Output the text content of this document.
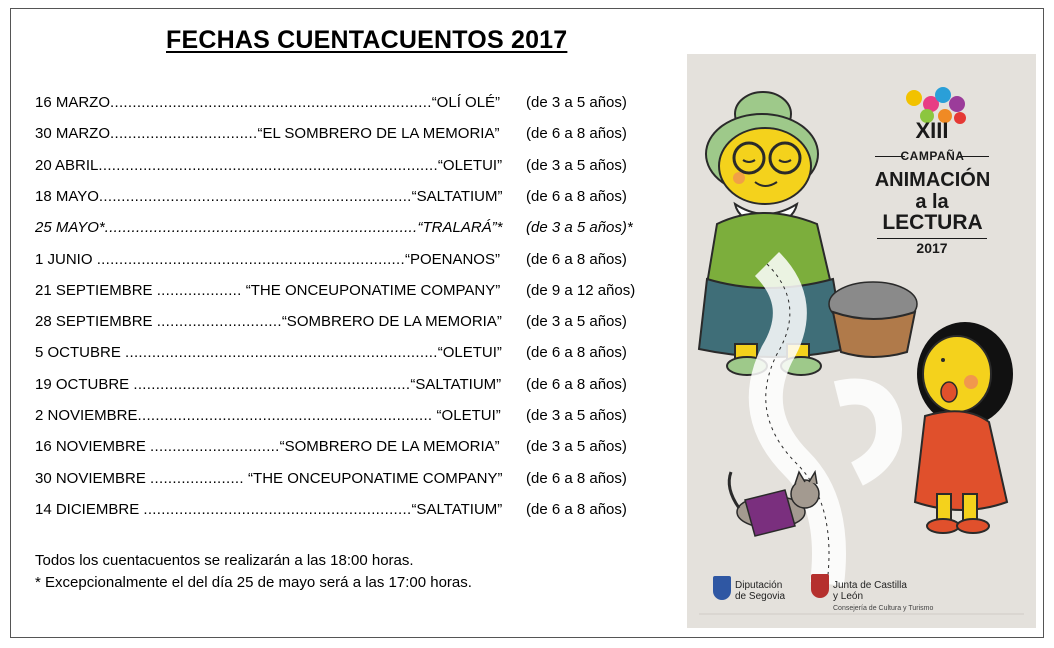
FECHAS CUENTACUENTOS 2017
16 MARZO........................................................................“OLÍ OLÉ” (de 3 a 5 años)
30 MARZO.................................“EL SOMBRERO DE LA MEMORIA” (de 6 a 8 años)
20 ABRIL............................................................................“OLETUI” (de 3 a 5 años)
18 MAYO......................................................................“SALTATIUM” (de 6 a 8 años)
25 MAYO*......................................................................“TRALARÁ”* (de 3 a 5 años)*
1 JUNIO .....................................................................“POENANOS” (de 6 a 8 años)
21 SEPTIEMBRE ................... “THE ONCEUPONATIME COMPANY” (de 9 a 12 años)
28 SEPTIEMBRE ............................“SOMBRERO DE LA MEMORIA” (de 3 a 5 años)
5 OCTUBRE ......................................................................“OLETUI” (de 6 a 8 años)
19 OCTUBRE ..............................................................“SALTATIUM” (de 6 a 8 años)
2 NOVIEMBRE.................................................................. “OLETUI” (de 3 a 5 años)
16 NOVIEMBRE .............................“SOMBRERO DE LA MEMORIA” (de 3 a 5 años)
30 NOVIEMBRE ..................... “THE ONCEUPONATIME COMPANY” (de 6 a 8 años)
14 DICIEMBRE ............................................................“SALTATIUM” (de 6 a 8 años)
Todos los cuentacuentos se realizarán a las 18:00 horas.
* Excepcionalmente el del día 25 de mayo será a las 17:00 horas.
XIII
CAMPAÑA
ANIMACIÓN
a la
LECTURA
2017
Diputación de Segovia
Junta de Castilla y León
Consejería de Cultura y Turismo
